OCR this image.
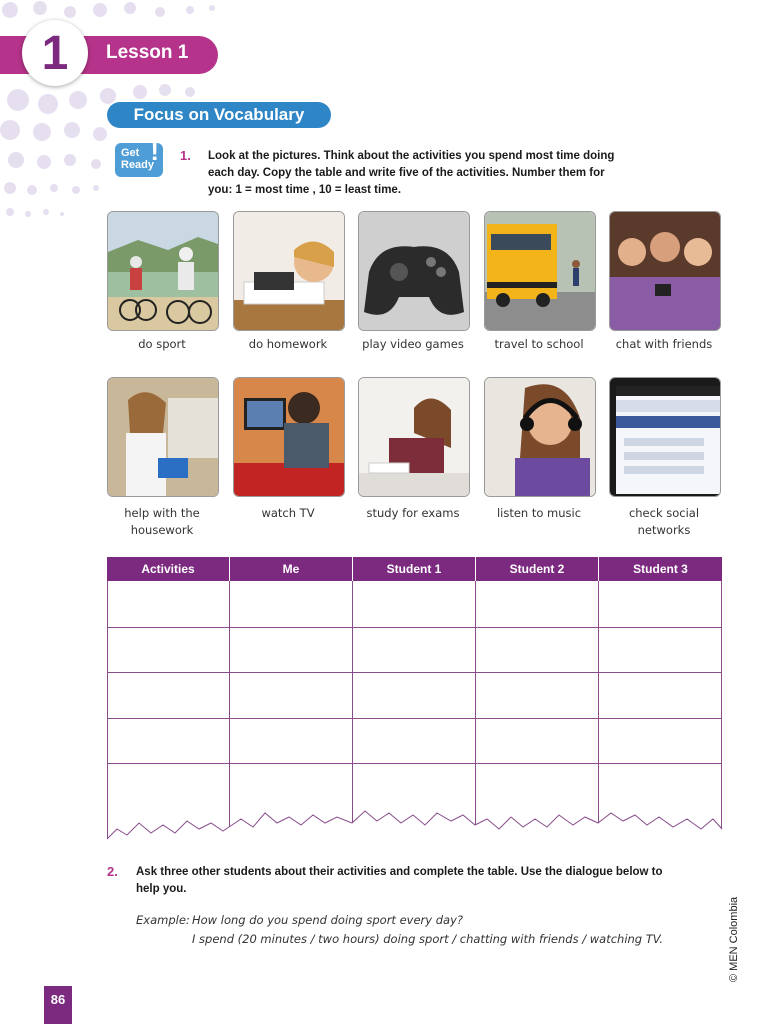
1	Lesson 1
Focus on Vocabulary
Get
Ready
! 1. Look at the pictures. Think about the activities you spend most time doing
each day. Copy the table and write five of the activities. Number them for
you: 1 = most time , 10 = least time.
do sport	do homework	play video games	travel to school	chat with friends
help with the
housework
watch TV	study for exams	listen to music	check social
networks
Activities	Me	Student 1	Student 2	Student 3
2. Ask three other students about their activities and complete the table. Use the dialogue below to
help you.
Example: How long do you spend doing sport every day?
I spend (20 minutes / two hours) doing sport / chatting with friends / watching TV.	© MEN Colombia
86
